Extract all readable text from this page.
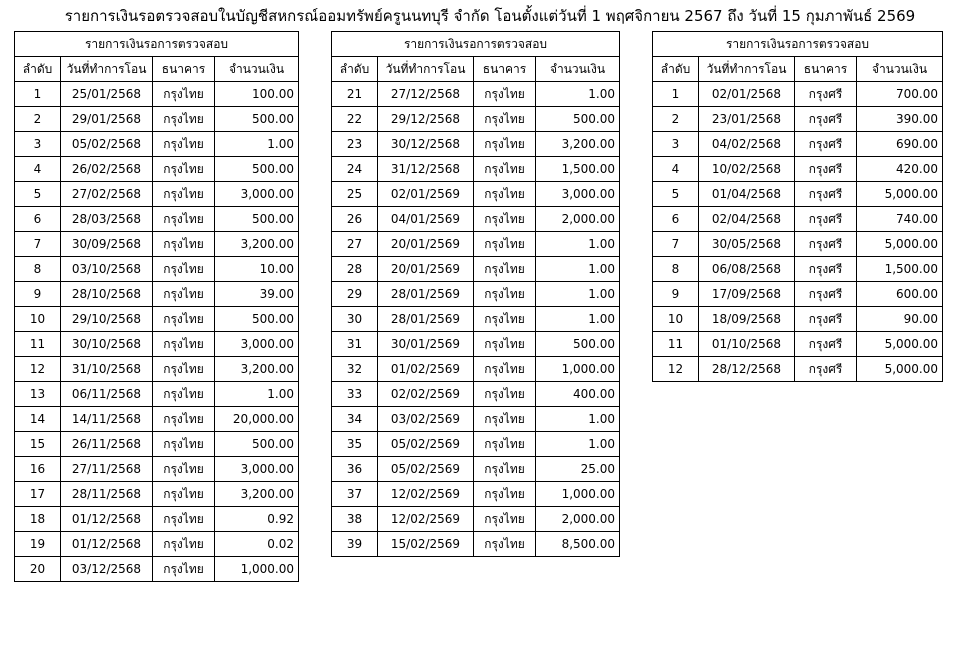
รายการเงินรอตรวจสอบในบัญชีสหกรณ์ออมทรัพย์ครูนนทบุรี จำกัด โอนตั้งแต่วันที่ 1 พฤศจิกายน 2567 ถึง วันที่ 15 กุมภาพันธ์ 2569
รายการเงินรอการตรวจสอบ			
ลำดับ	วันที่ทำการโอน	ธนาคาร	จำนวนเงิน
1	25/01/2568	กรุงไทย	100.00
2	29/01/2568	กรุงไทย	500.00
3	05/02/2568	กรุงไทย	1.00
4	26/02/2568	กรุงไทย	500.00
5	27/02/2568	กรุงไทย	3,000.00
6	28/03/2568	กรุงไทย	500.00
7	30/09/2568	กรุงไทย	3,200.00
8	03/10/2568	กรุงไทย	10.00
9	28/10/2568	กรุงไทย	39.00
10	29/10/2568	กรุงไทย	500.00
11	30/10/2568	กรุงไทย	3,000.00
12	31/10/2568	กรุงไทย	3,200.00
13	06/11/2568	กรุงไทย	1.00
14	14/11/2568	กรุงไทย	20,000.00
15	26/11/2568	กรุงไทย	500.00
16	27/11/2568	กรุงไทย	3,000.00
17	28/11/2568	กรุงไทย	3,200.00
18	01/12/2568	กรุงไทย	0.92
19	01/12/2568	กรุงไทย	0.02
20	03/12/2568	กรุงไทย	1,000.00
รายการเงินรอการตรวจสอบ			
ลำดับ	วันที่ทำการโอน	ธนาคาร	จำนวนเงิน
21	27/12/2568	กรุงไทย	1.00
22	29/12/2568	กรุงไทย	500.00
23	30/12/2568	กรุงไทย	3,200.00
24	31/12/2568	กรุงไทย	1,500.00
25	02/01/2569	กรุงไทย	3,000.00
26	04/01/2569	กรุงไทย	2,000.00
27	20/01/2569	กรุงไทย	1.00
28	20/01/2569	กรุงไทย	1.00
29	28/01/2569	กรุงไทย	1.00
30	28/01/2569	กรุงไทย	1.00
31	30/01/2569	กรุงไทย	500.00
32	01/02/2569	กรุงไทย	1,000.00
33	02/02/2569	กรุงไทย	400.00
34	03/02/2569	กรุงไทย	1.00
35	05/02/2569	กรุงไทย	1.00
36	05/02/2569	กรุงไทย	25.00
37	12/02/2569	กรุงไทย	1,000.00
38	12/02/2569	กรุงไทย	2,000.00
39	15/02/2569	กรุงไทย	8,500.00
รายการเงินรอการตรวจสอบ			
ลำดับ	วันที่ทำการโอน	ธนาคาร	จำนวนเงิน
1	02/01/2568	กรุงศรี	700.00
2	23/01/2568	กรุงศรี	390.00
3	04/02/2568	กรุงศรี	690.00
4	10/02/2568	กรุงศรี	420.00
5	01/04/2568	กรุงศรี	5,000.00
6	02/04/2568	กรุงศรี	740.00
7	30/05/2568	กรุงศรี	5,000.00
8	06/08/2568	กรุงศรี	1,500.00
9	17/09/2568	กรุงศรี	600.00
10	18/09/2568	กรุงศรี	90.00
11	01/10/2568	กรุงศรี	5,000.00
12	28/12/2568	กรุงศรี	5,000.00
